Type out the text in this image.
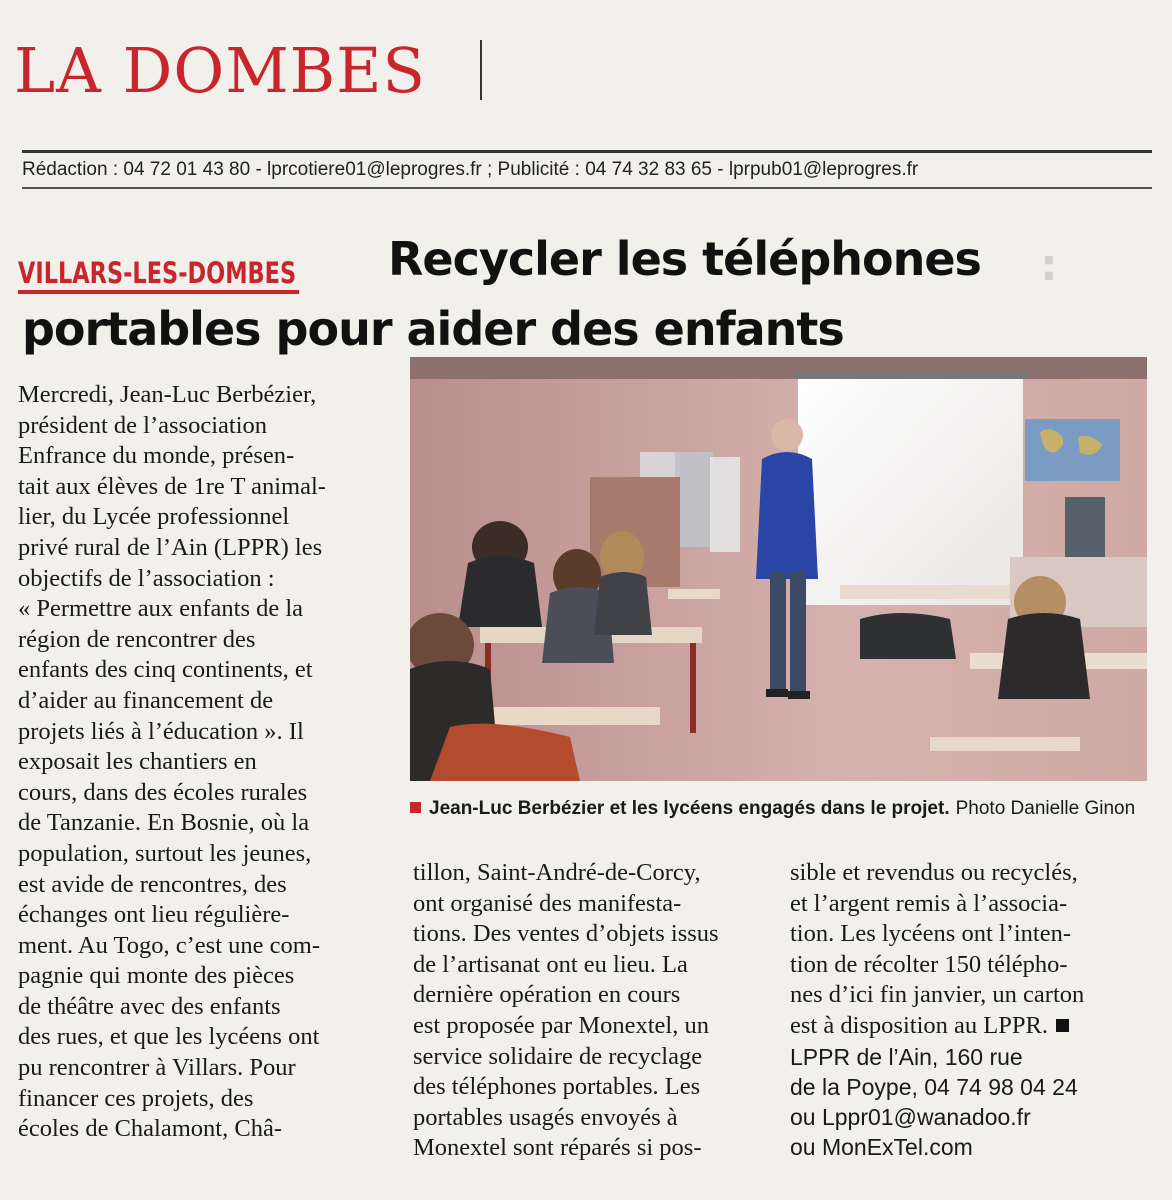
:
LA DOMBES
Rédaction : 04 72 01 43 80 - lprcotiere01@leprogres.fr ; Publicité : 04 74 32 83 65 - lprpub01@leprogres.fr
VILLARS-LES-DOMBES Recycler les téléphones
portables pour aider des enfants
Jean-Luc Berbézier et les lycéens engagés dans le projet. Photo Danielle Ginon
Mercredi, Jean-Luc Berbézier,
président de l’association
Enfrance du monde, présen-
tait aux élèves de 1re T animal-
lier, du Lycée professionnel
privé rural de l’Ain (LPPR) les
objectifs de l’association :
« Permettre aux enfants de la
région de rencontrer des
enfants des cinq continents, et
d’aider au financement de
projets liés à l’éducation ». Il
exposait les chantiers en
cours, dans des écoles rurales
de Tanzanie. En Bosnie, où la
population, surtout les jeunes,
est avide de rencontres, des
échanges ont lieu régulière-
ment. Au Togo, c’est une com-
pagnie qui monte des pièces
de théâtre avec des enfants
des rues, et que les lycéens ont
pu rencontrer à Villars. Pour
financer ces projets, des
écoles de Chalamont, Châ-
tillon, Saint-André-de-Corcy,
ont organisé des manifesta-
tions. Des ventes d’objets issus
de l’artisanat ont eu lieu. La
dernière opération en cours
est proposée par Monextel, un
service solidaire de recyclage
des téléphones portables. Les
portables usagés envoyés à
Monextel sont réparés si pos-
sible et revendus ou recyclés,
et l’argent remis à l’associa-
tion. Les lycéens ont l’inten-
tion de récolter 150 télépho-
nes d’ici fin janvier, un carton
est à disposition au LPPR.
LPPR de l’Ain, 160 rue
de la Poype, 04 74 98 04 24
ou Lppr01@wanadoo.fr
ou MonExTel.com
